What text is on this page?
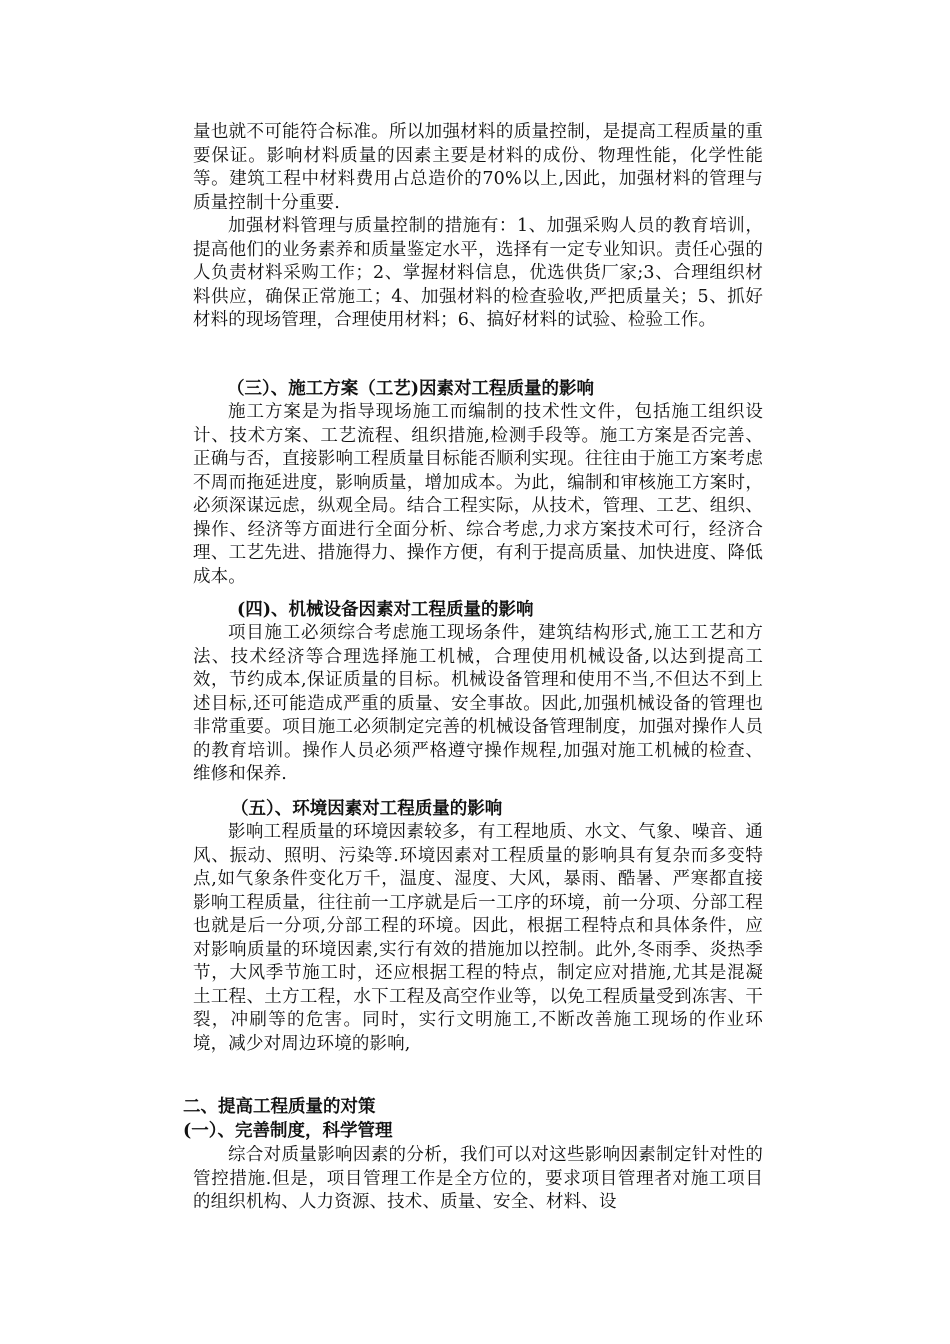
量也就不可能符合标准。所以加强材料的质量控制，是提高工程质量的重要保证。影响材料质量的因素主要是材料的成份、物理性能，化学性能等。建筑工程中材料费用占总造价的70%以上,因此，加强材料的管理与质量控制十分重要.

加强材料管理与质量控制的措施有：1、加强采购人员的教育培训，提高他们的业务素养和质量鉴定水平，选择有一定专业知识。责任心强的人负责材料采购工作；2、掌握材料信息，优选供货厂家;3、合理组织材料供应，确保正常施工；4、加强材料的检查验收,严把质量关；5、抓好材料的现场管理，合理使用材料；6、搞好材料的试验、检验工作。

（三）、施工方案（工艺)因素对工程质量的影响

施工方案是为指导现场施工而编制的技术性文件，包括施工组织设计、技术方案、工艺流程、组织措施,检测手段等。施工方案是否完善、正确与否，直接影响工程质量目标能否顺利实现。往往由于施工方案考虑不周而拖延进度，影响质量，增加成本。为此，编制和审核施工方案时，必须深谋远虑，纵观全局。结合工程实际，从技术，管理、工艺、组织、操作、经济等方面进行全面分析、综合考虑,力求方案技术可行，经济合理、工艺先进、措施得力、操作方便，有利于提高质量、加快进度、降低成本。

(四)、机械设备因素对工程质量的影响

项目施工必须综合考虑施工现场条件，建筑结构形式,施工工艺和方法、技术经济等合理选择施工机械，合理使用机械设备,以达到提高工效，节约成本,保证质量的目标。机械设备管理和使用不当,不但达不到上述目标,还可能造成严重的质量、安全事故。因此,加强机械设备的管理也非常重要。项目施工必须制定完善的机械设备管理制度，加强对操作人员的教育培训。操作人员必须严格遵守操作规程,加强对施工机械的检查、维修和保养.

（五）、环境因素对工程质量的影响

影响工程质量的环境因素较多，有工程地质、水文、气象、噪音、通风、振动、照明、污染等.环境因素对工程质量的影响具有复杂而多变特点,如气象条件变化万千，温度、湿度、大风，暴雨、酷暑、严寒都直接影响工程质量，往往前一工序就是后一工序的环境，前一分项、分部工程也就是后一分项,分部工程的环境。因此，根据工程特点和具体条件，应对影响质量的环境因素,实行有效的措施加以控制。此外,冬雨季、炎热季节，大风季节施工时，还应根据工程的特点，制定应对措施,尤其是混凝土工程、土方工程，水下工程及高空作业等，以免工程质量受到冻害、干裂，冲刷等的危害。同时，实行文明施工,不断改善施工现场的作业环境，减少对周边环境的影响,

二、提高工程质量的对策
(一）、完善制度，科学管理

综合对质量影响因素的分析，我们可以对这些影响因素制定针对性的管控措施.但是，项目管理工作是全方位的，要求项目管理者对施工项目的组织机构、人力资源、技术、质量、安全、材料、设
